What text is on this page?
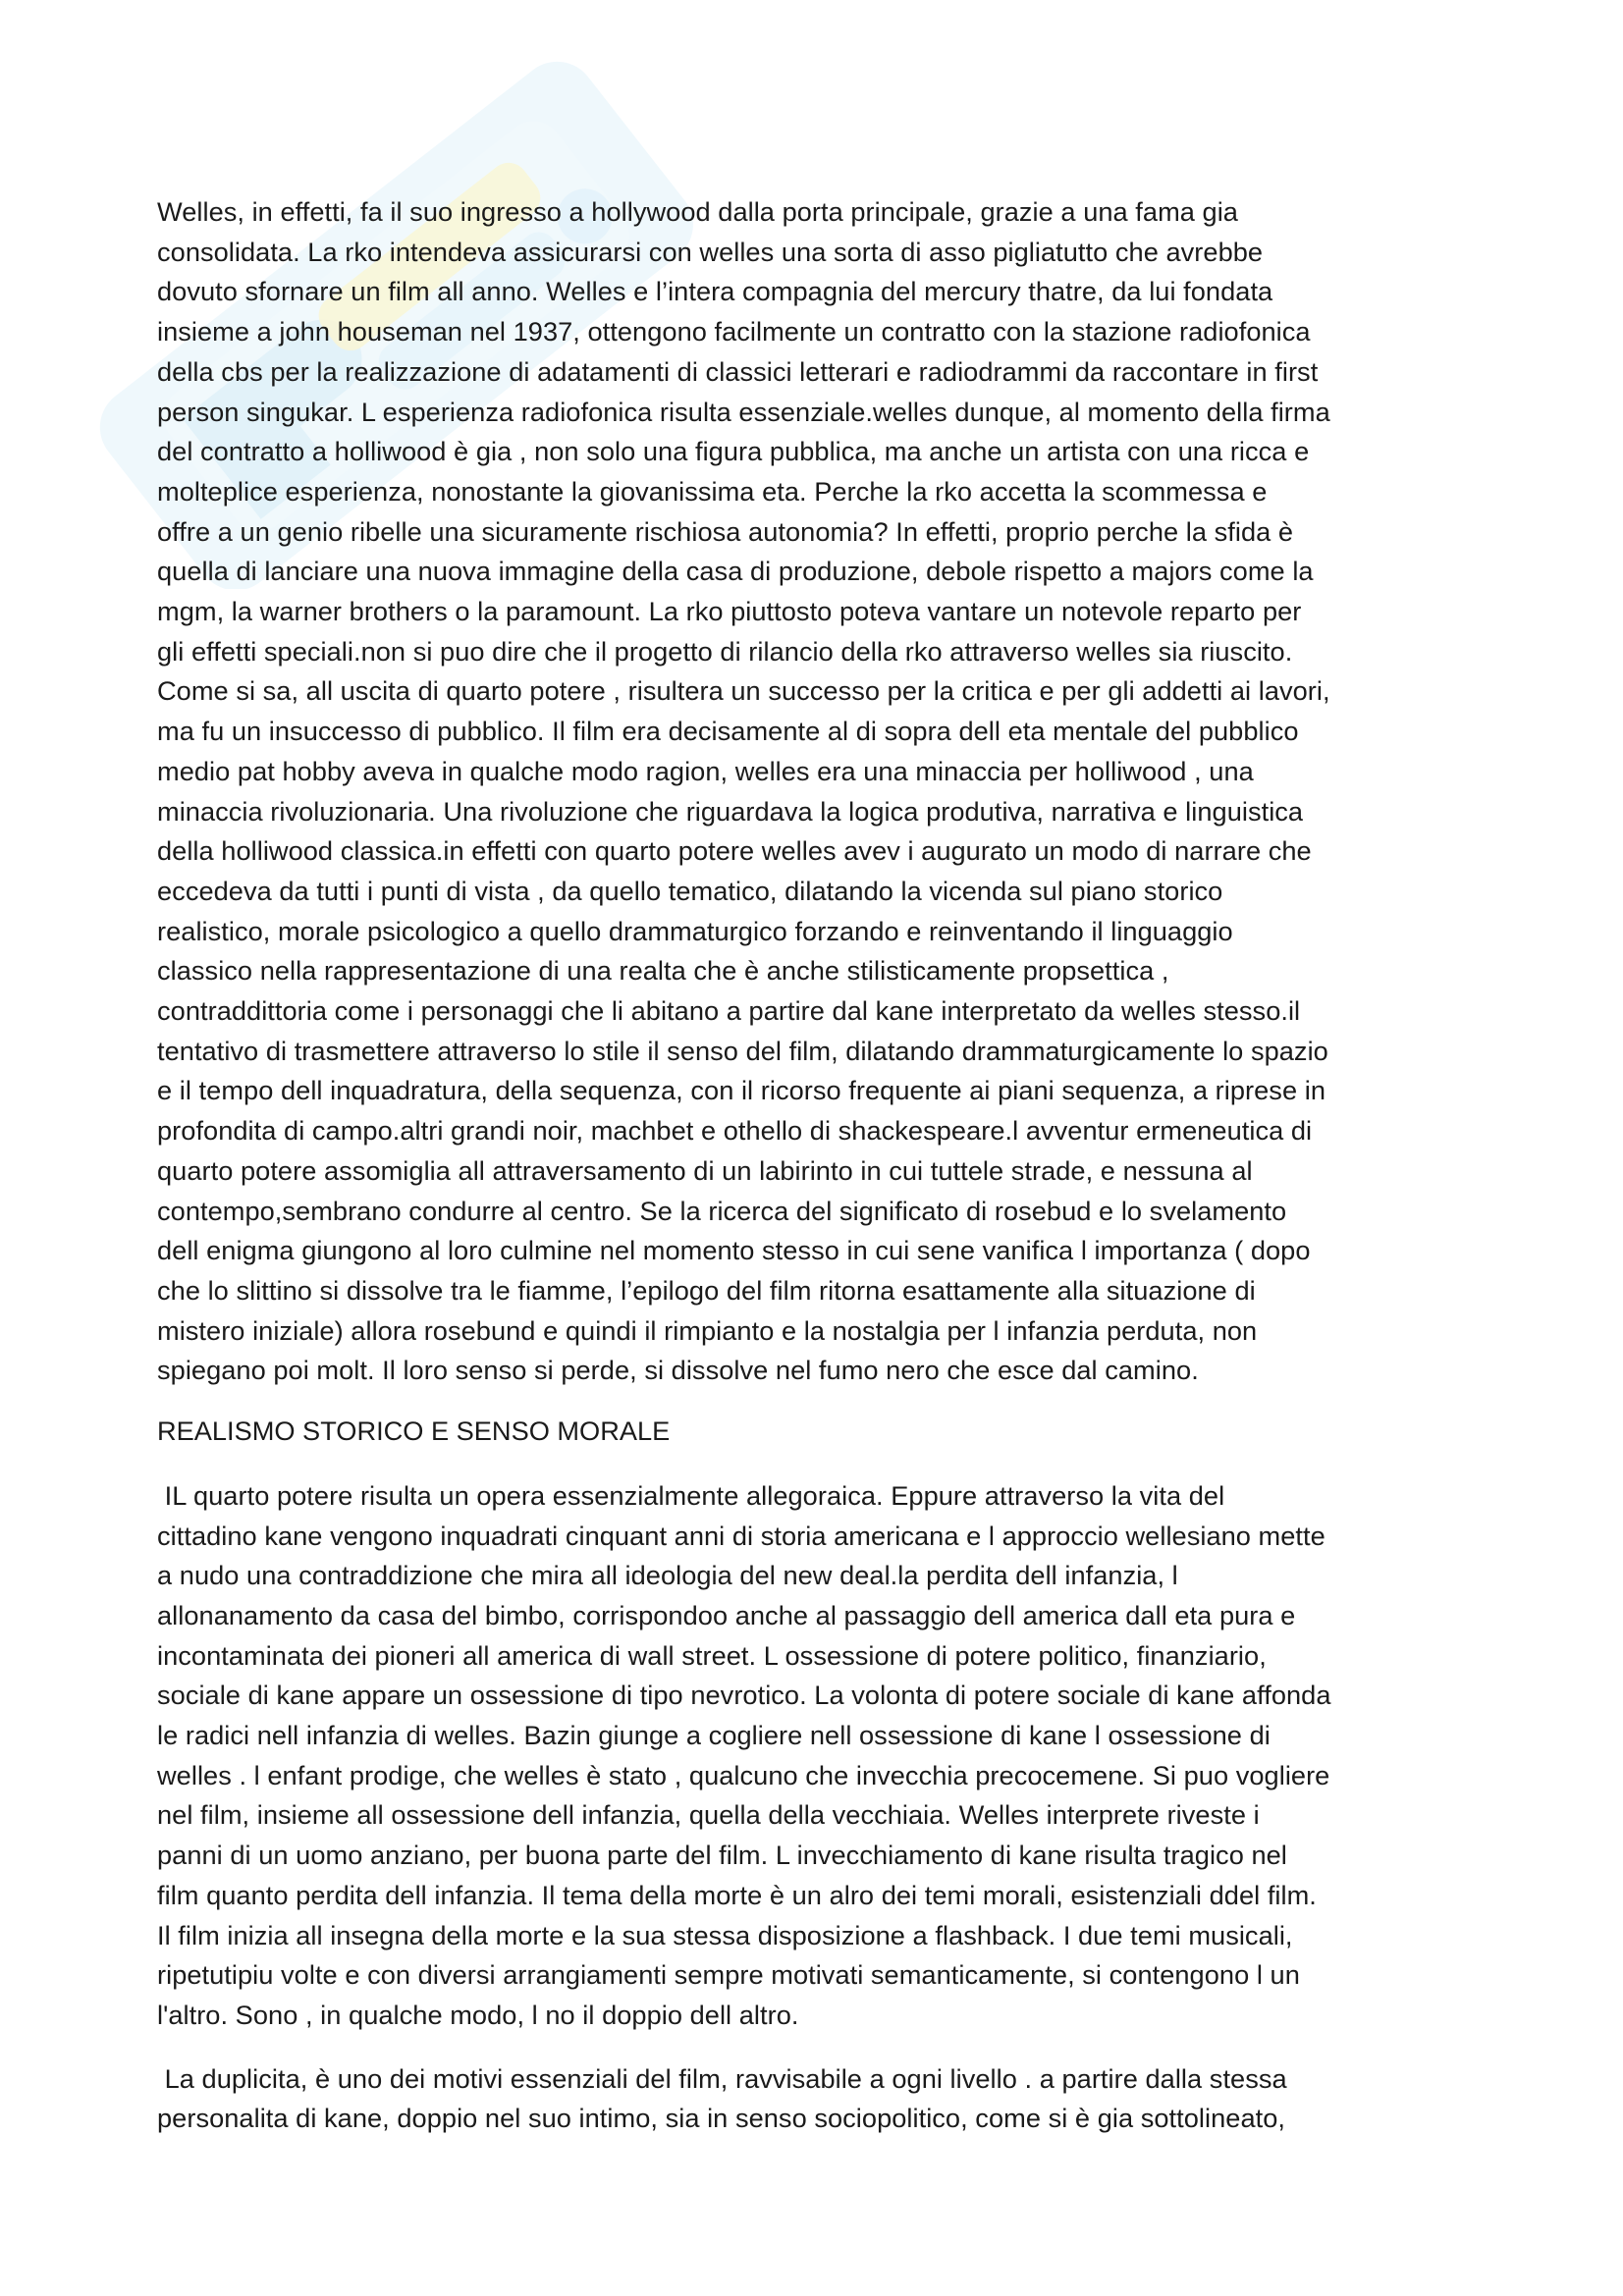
Welles, in effetti, fa il suo ingresso a hollywood dalla porta principale, grazie a una fama gia
consolidata. La rko intendeva assicurarsi con welles una sorta di asso pigliatutto che avrebbe
dovuto sfornare un film all anno. Welles e l’intera compagnia del mercury thatre, da lui fondata
insieme a john houseman nel 1937, ottengono facilmente un contratto con la stazione radiofonica
della cbs per la realizzazione di adatamenti di classici letterari e radiodrammi da raccontare in first
person singukar. L esperienza radiofonica risulta essenziale.welles dunque, al momento della firma
del contratto a holliwood è gia , non solo una figura pubblica, ma anche un artista con una ricca e
molteplice esperienza, nonostante la giovanissima eta. Perche la rko accetta la scommessa e
offre a un genio ribelle una sicuramente rischiosa autonomia? In effetti, proprio perche la sfida è
quella di lanciare una nuova immagine della casa di produzione, debole rispetto a majors come la
mgm, la warner brothers o la paramount. La rko piuttosto poteva vantare un notevole reparto per
gli effetti speciali.non si puo dire che il progetto di rilancio della rko attraverso welles sia riuscito.
Come si sa, all uscita di quarto potere , risultera un successo per la critica e per gli addetti ai lavori,
ma fu un insuccesso di pubblico. Il film era decisamente al di sopra dell eta mentale del pubblico
medio pat hobby aveva in qualche modo ragion, welles era una minaccia per holliwood , una
minaccia rivoluzionaria. Una rivoluzione che riguardava la logica produtiva, narrativa e linguistica
della holliwood classica.in effetti con quarto potere welles avev i augurato un modo di narrare che
eccedeva da tutti i punti di vista , da quello tematico, dilatando la vicenda sul piano storico
realistico, morale psicologico a quello drammaturgico forzando e reinventando il linguaggio
classico nella rappresentazione di una realta che è anche stilisticamente propsettica ,
contraddittoria come i personaggi che li abitano a partire dal kane interpretato da welles stesso.il
tentativo di trasmettere attraverso lo stile il senso del film, dilatando drammaturgicamente lo spazio
e il tempo dell inquadratura, della sequenza, con il ricorso frequente ai piani sequenza, a riprese in
profondita di campo.altri grandi noir, machbet e othello di shackespeare.l avventur ermeneutica di
quarto potere assomiglia all attraversamento di un labirinto in cui tuttele strade, e nessuna al
contempo,sembrano condurre al centro. Se la ricerca del significato di rosebud e lo svelamento
dell enigma giungono al loro culmine nel momento stesso in cui sene vanifica l importanza ( dopo
che lo slittino si dissolve tra le fiamme, l’epilogo del film ritorna esattamente alla situazione di
mistero iniziale) allora rosebund e quindi il rimpianto e la nostalgia per l infanzia perduta, non
spiegano poi molt. Il loro senso si perde, si dissolve nel fumo nero che esce dal camino.

REALISMO STORICO E SENSO MORALE

IL quarto potere risulta un opera essenzialmente allegoraica. Eppure attraverso la vita del
cittadino kane vengono inquadrati cinquant anni di storia americana e l approccio wellesiano mette
a nudo una contraddizione che mira all ideologia del new deal.la perdita dell infanzia, l
allonanamento da casa del bimbo, corrispondoo anche al passaggio dell america dall eta pura e
incontaminata dei pioneri all america di wall street. L ossessione di potere politico, finanziario,
sociale di kane appare un ossessione di tipo nevrotico. La volonta di potere sociale di kane affonda
le radici nell infanzia di welles. Bazin giunge a cogliere nell ossessione di kane l ossessione di
welles . l enfant prodige, che welles è stato , qualcuno che invecchia precocemene. Si puo vogliere
nel film, insieme all ossessione dell infanzia, quella della vecchiaia. Welles interprete riveste i
panni di un uomo anziano, per buona parte del film. L invecchiamento di kane risulta tragico nel
film quanto perdita dell infanzia. Il tema della morte è un alro dei temi morali, esistenziali ddel film.
Il film inizia all insegna della morte e la sua stessa disposizione a flashback. I due temi musicali,
ripetutipiu volte e con diversi arrangiamenti sempre motivati semanticamente, si contengono l un
l'altro. Sono , in qualche modo, l no il doppio dell altro.

La duplicita, è uno dei motivi essenziali del film, ravvisabile a ogni livello . a partire dalla stessa
personalita di kane, doppio nel suo intimo, sia in senso sociopolitico, come si è gia sottolineato,
